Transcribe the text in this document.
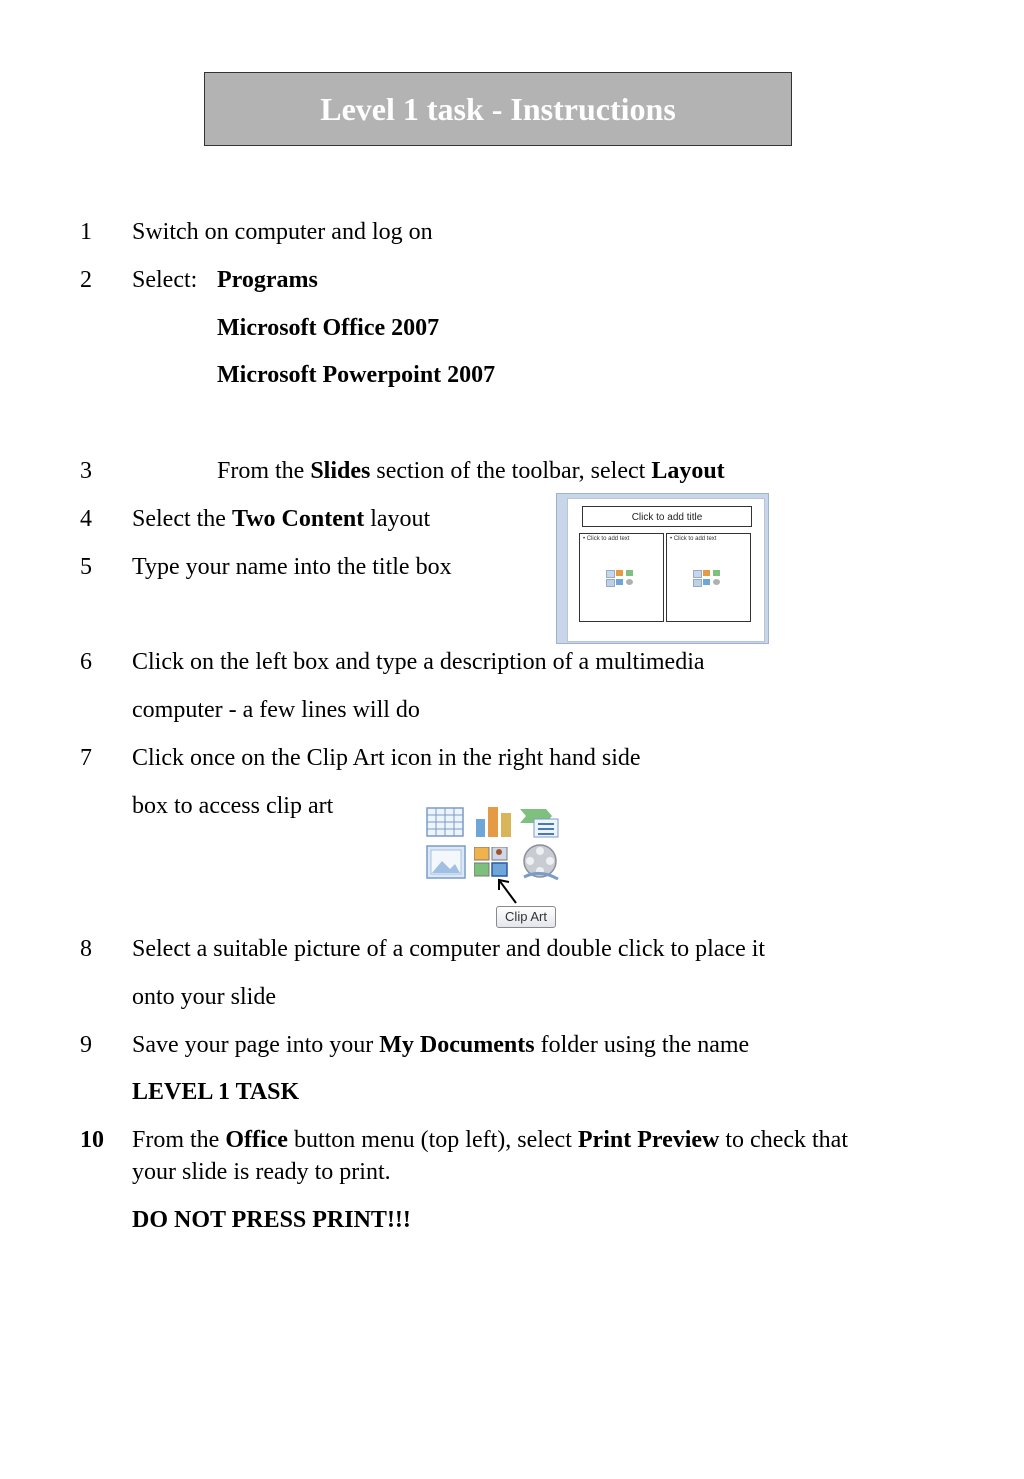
Level 1 task - Instructions
1 Switch on computer and log on
2 Select: Programs
Microsoft Office 2007
Microsoft Powerpoint 2007
3	From the Slides section of the toolbar, select Layout
4 Select the Two Content layout
5 Type your name into the title box
Click to add title
• Click to add text	• Click to add text
6 Click on the left box and type a description of a multimedia
computer - a few lines will do
7 Click once on the Clip Art icon in the right hand side
box to access clip art
Clip Art
8 Select a suitable picture of a computer and double click to place it
onto your slide
9 Save your page into your My Documents folder using the name
LEVEL 1 TASK
10 From the Office button menu (top left), select Print Preview to check that
your slide is ready to print.
DO NOT PRESS PRINT!!!
